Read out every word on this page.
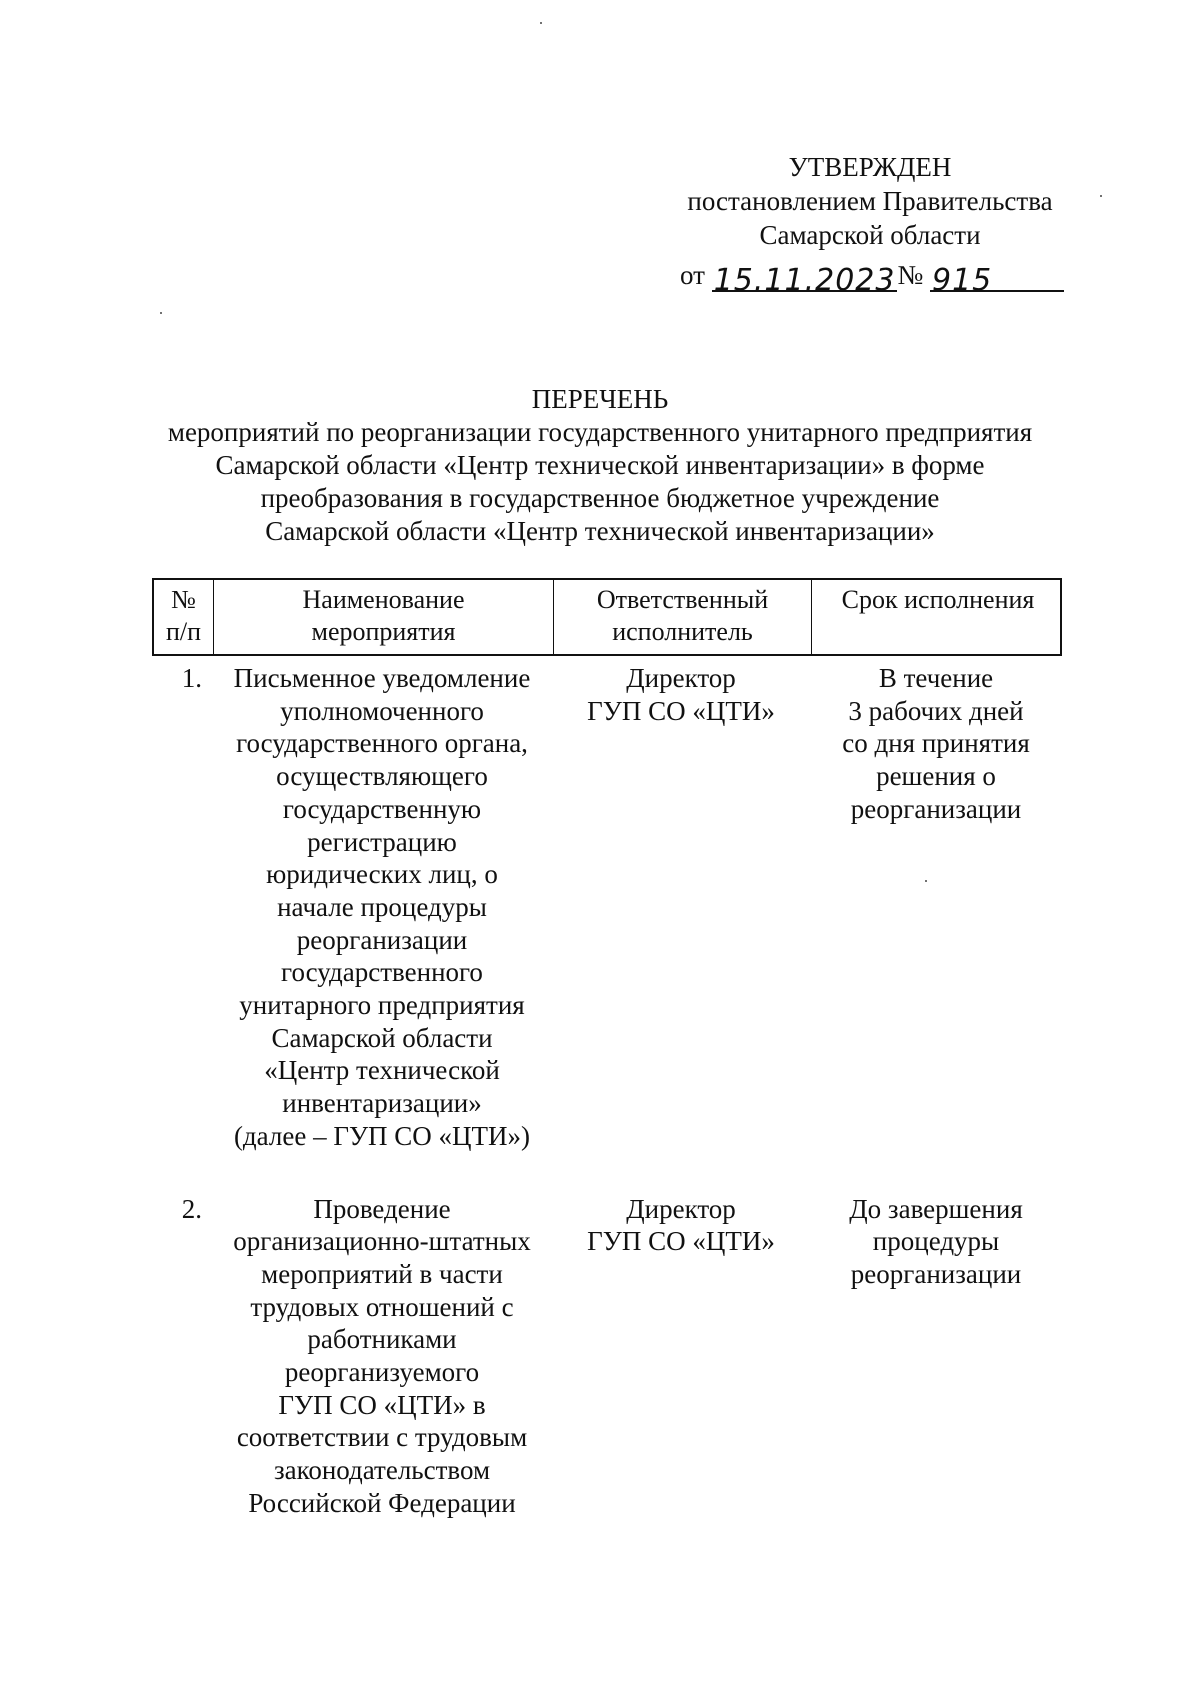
УТВЕРЖДЕН
постановлением Правительства
Самарской области
от 15.11.2023№ 915
ПЕРЕЧЕНЬ
мероприятий по реорганизации государственного унитарного предприятия
Самарской области «Центр технической инвентаризации» в форме
преобразования в государственное бюджетное учреждение
Самарской области «Центр технической инвентаризации»
№
п/п
Наименование
мероприятия
Ответственный
исполнитель
Срок исполнения
1.	Письменное уведомление
уполномоченного
государственного органа,
осуществляющего
государственную
регистрацию
юридических лиц, о
начале процедуры
реорганизации
государственного
унитарного предприятия
Самарской области
«Центр технической
инвентаризации»
(далее – ГУП СО «ЦТИ»)
Директор
ГУП СО «ЦТИ»
В течение
3 рабочих дней
со дня принятия
решения о
реорганизации
2.	Проведение
организационно-штатных
мероприятий в части
трудовых отношений с
работниками
реорганизуемого
ГУП СО «ЦТИ» в
соответствии с трудовым
законодательством
Российской Федерации
Директор
ГУП СО «ЦТИ»
До завершения
процедуры
реорганизации
